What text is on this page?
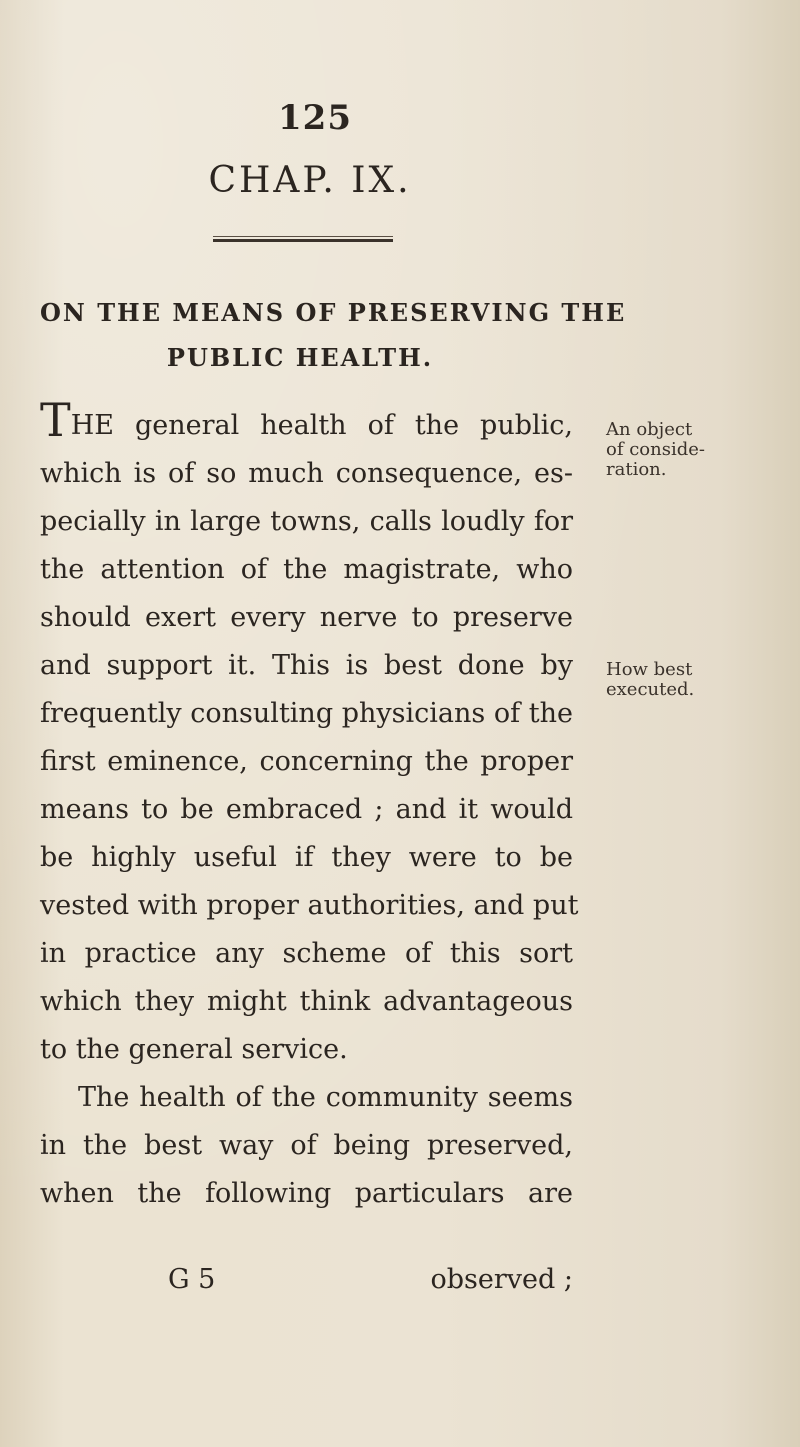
125
CHAP. IX.
ON THE MEANS OF PRESERVING THE
PUBLIC HEALTH.
THE general health of the public,
which is of so much consequence, es-
pecially in large towns, calls loudly for
the attention of the magistrate, who
should exert every nerve to preserve
and support it. This is best done by
frequently consulting physicians of the
first eminence, concerning the proper
means to be embraced ; and it would
be highly useful if they were to be
vested with proper authorities, and put
in practice any scheme of this sort
which they might think advantageous
to the general service.
The health of the community seems
in the best way of being preserved,
when the following particulars are
G 5	observed ;
An object
of conside-
ration.
How best
executed.
